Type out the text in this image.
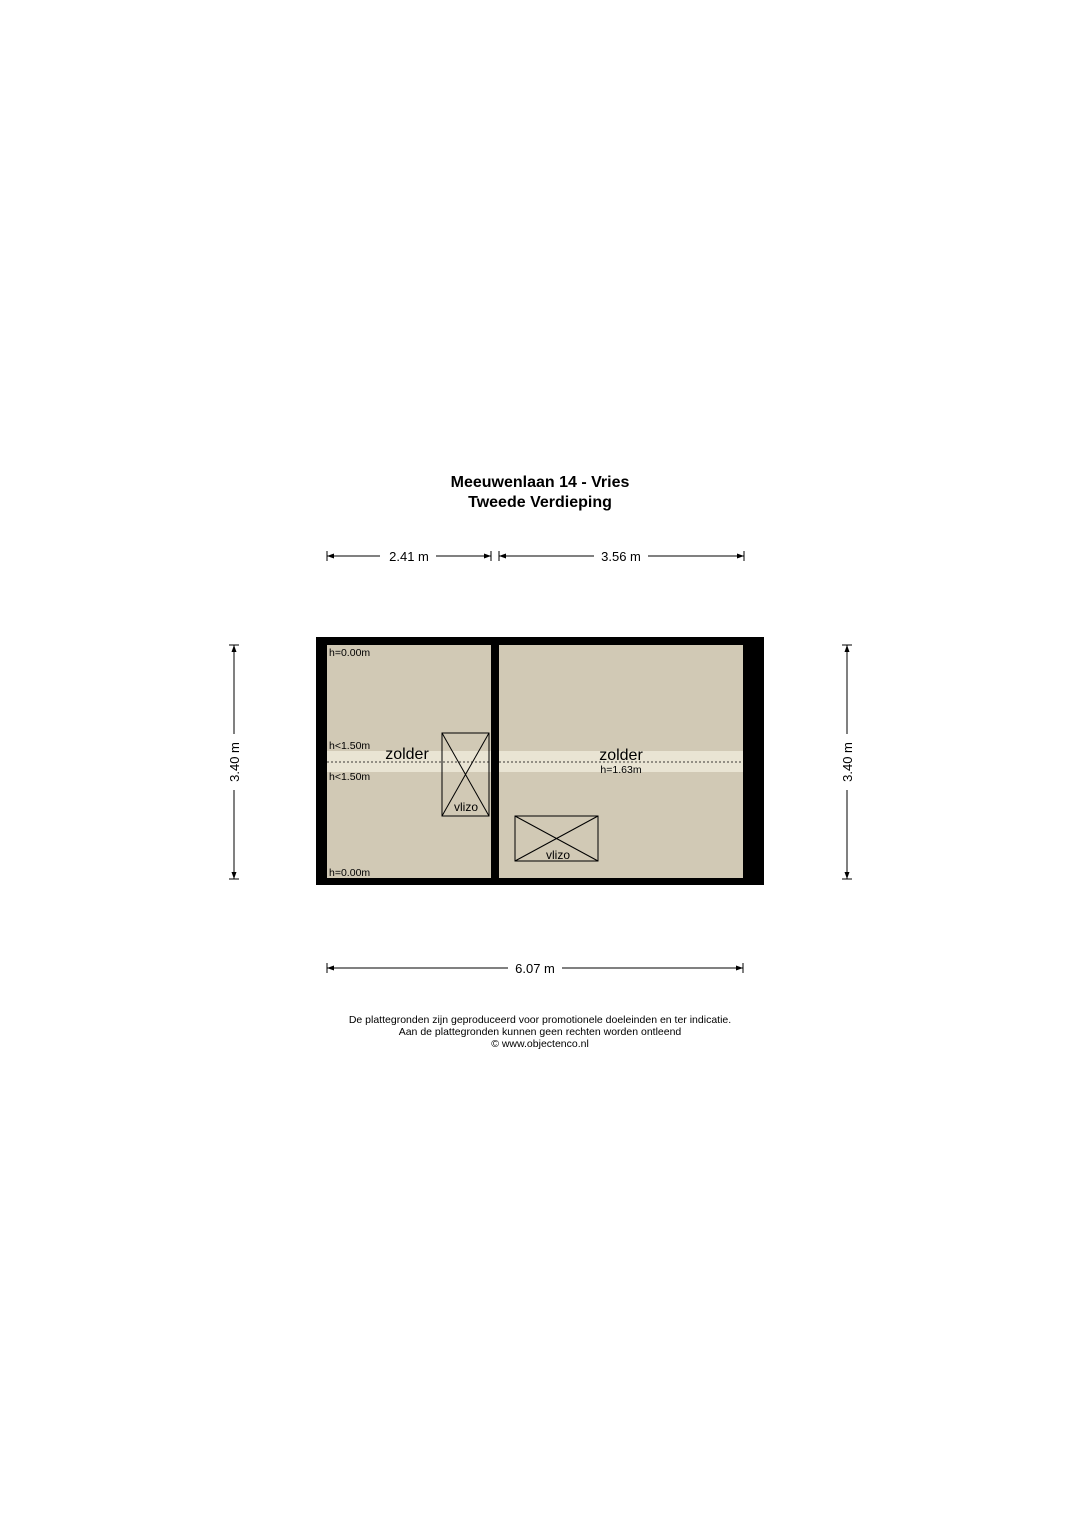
Meeuwenlaan 14 - Vries
Tweede Verdieping
2.41 m	3.56 m
3.40 m	3.40 m
vlizo
vlizo
zolder	zolder
h=1.63m
h=0.00m
h<1.50m
h<1.50m
h=0.00m
6.07 m
De plattegronden zijn geproduceerd voor promotionele doeleinden en ter indicatie.
Aan de plattegronden kunnen geen rechten worden ontleend
© www.objectenco.nl
